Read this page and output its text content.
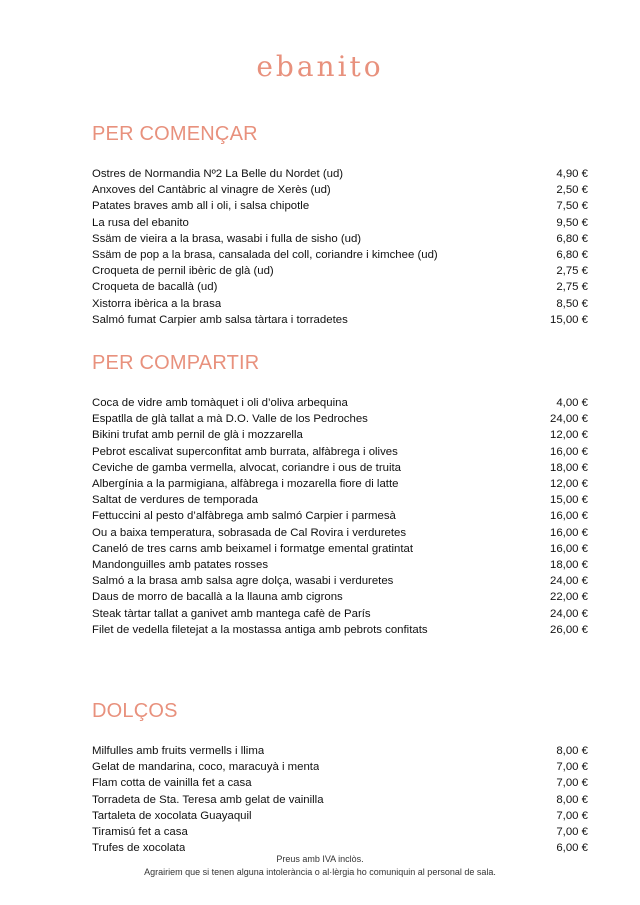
ebanito
PER COMENÇAR
Ostres de Normandia Nº2 La Belle du Nordet (ud)	4,90 €
Anxoves del Cantàbric al vinagre de Xerès (ud)	2,50 €
Patates braves amb all i oli, i salsa chipotle	7,50 €
La rusa del ebanito	9,50 €
Ssäm de vieira a la brasa, wasabi i fulla de sisho (ud)	6,80 €
Ssäm de pop a la brasa, cansalada del coll, coriandre i kimchee (ud)	6,80 €
Croqueta de pernil ibèric de glà (ud)	2,75 €
Croqueta de bacallà (ud)	2,75 €
Xistorra ibèrica a la brasa	8,50 €
Salmó fumat Carpier amb salsa tàrtara i torradetes	15,00 €
PER COMPARTIR
Coca de vidre amb tomàquet i oli d’oliva arbequina	4,00 €
Espatlla de glà tallat a mà D.O. Valle de los Pedroches	24,00 €
Bikini trufat amb pernil de glà i mozzarella	12,00 €
Pebrot escalivat superconfitat amb burrata, alfàbrega i olives	16,00 €
Ceviche de gamba vermella, alvocat, coriandre i ous de truita	18,00 €
Albergínia a la parmigiana, alfàbrega i mozarella fiore di latte	12,00 €
Saltat de verdures de temporada	15,00 €
Fettuccini al pesto d’alfàbrega amb salmó Carpier i parmesà	16,00 €
Ou a baixa temperatura, sobrasada de Cal Rovira i verduretes	16,00 €
Caneló de tres carns amb beixamel i formatge emental gratintat	16,00 €
Mandonguilles amb patates rosses	18,00 €
Salmó a la brasa amb salsa agre dolça, wasabi i verduretes	24,00 €
Daus de morro de bacallà a la llauna amb cigrons	22,00 €
Steak tàrtar tallat a ganivet amb mantega cafè de París	24,00 €
Filet de vedella filetejat a la mostassa antiga amb pebrots confitats	26,00 €
DOLÇOS
Milfulles amb fruits vermells i llima	8,00 €
Gelat de mandarina, coco, maracuyà i menta	7,00 €
Flam cotta de vainilla fet a casa	7,00 €
Torradeta de Sta. Teresa amb gelat de vainilla	8,00 €
Tartaleta de xocolata Guayaquil	7,00 €
Tiramisú fet a casa	7,00 €
Trufes de xocolata	6,00 €
Preus amb IVA inclòs.
Agrairiem que si tenen alguna intolerància o al·lèrgia ho comuniquin al personal de sala.
